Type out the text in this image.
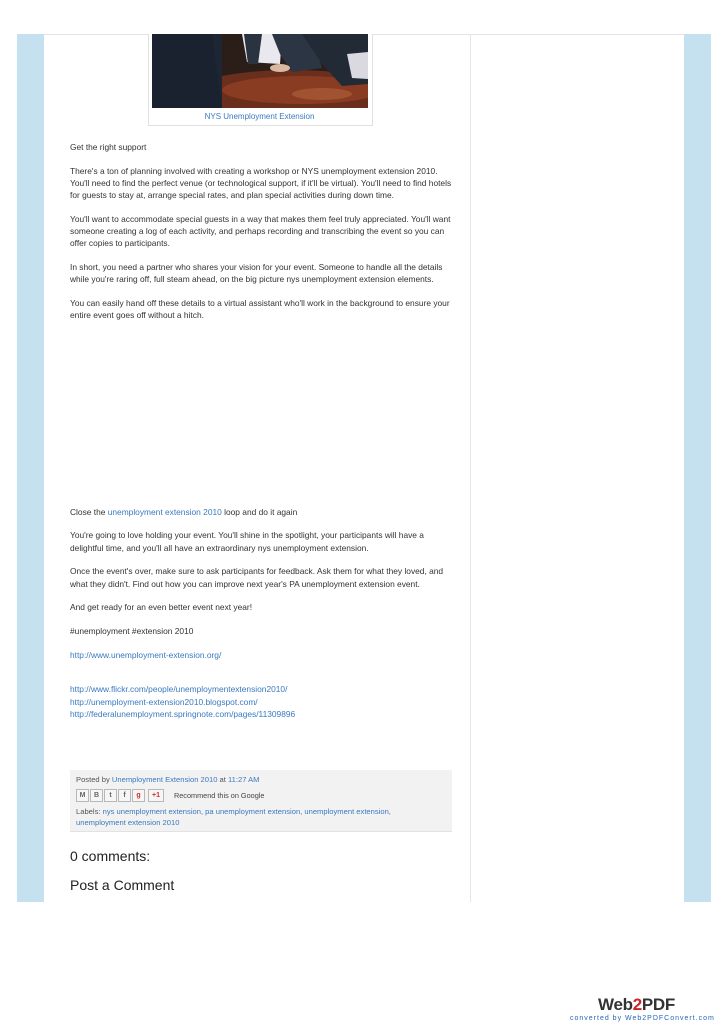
NYS Unemployment Extension

Get the right support

There's a ton of planning involved with creating a workshop or NYS unemployment extension 2010. You'll need to find the perfect venue (or technological support, if it'll be virtual). You'll need to find hotels for guests to stay at, arrange special rates, and plan special activities during down time.

You'll want to accommodate special guests in a way that makes them feel truly appreciated. You'll want someone creating a log of each activity, and perhaps recording and transcribing the event so you can offer copies to participants.

In short, you need a partner who shares your vision for your event. Someone to handle all the details while you're raring off, full steam ahead, on the big picture nys unemployment extension elements.

You can easily hand off these details to a virtual assistant who'll work in the background to ensure your entire event goes off without a hitch.

Close the unemployment extension 2010 loop and do it again

You're going to love holding your event. You'll shine in the spotlight, your participants will have a delightful time, and you'll all have an extraordinary nys unemployment extension.

Once the event's over, make sure to ask participants for feedback. Ask them for what they loved, and what they didn't. Find out how you can improve next year's PA unemployment extension event.

And get ready for an even better event next year!

#unemployment #extension 2010

http://www.unemployment-extension.org/

http://www.flickr.com/people/unemploymentextension2010/

http://unemployment-extension2010.blogspot.com/

http://federalunemployment.springnote.com/pages/11309896

Posted by Unemployment Extension 2010 at 11:27 AM
M	B	t	f	g	+1	Recommend this on Google
Labels: nys unemployment extension, pa unemployment extension, unemployment extension, unemployment extension 2010
0 comments:
Post a Comment
Web2PDF
converted by Web2PDFConvert.com
